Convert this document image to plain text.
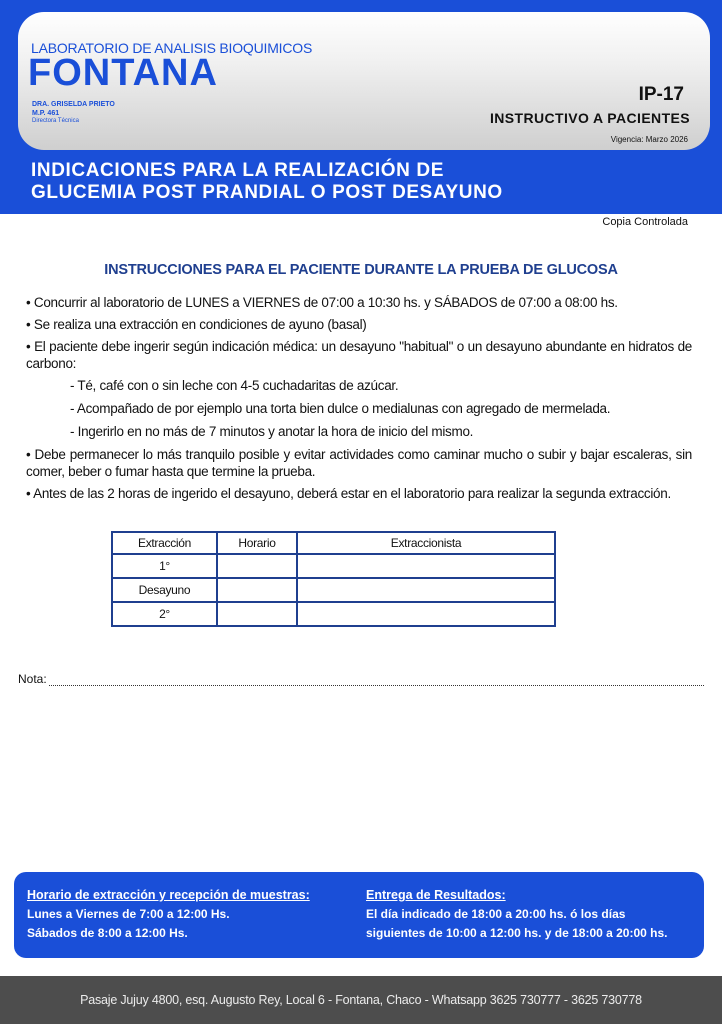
LABORATORIO DE ANALISIS BIOQUIMICOS
FONTANA
DRA. GRISELDA PRIETO
M.P. 461
Directora Técnica
IP-17
INSTRUCTIVO A PACIENTES
Vigencia: Marzo 2026
INDICACIONES PARA LA REALIZACIÓN DE
GLUCEMIA POST PRANDIAL O POST DESAYUNO
Copia Controlada
INSTRUCCIONES PARA EL PACIENTE DURANTE LA PRUEBA DE GLUCOSA

• Concurrir al laboratorio de LUNES a VIERNES de 07:00 a 10:30 hs. y SÁBADOS de 07:00 a 08:00 hs.

• Se realiza una extracción en condiciones de ayuno (basal)

• El paciente debe ingerir según indicación médica: un desayuno "habitual" o un desayuno abundante en hidratos de carbono:

- Té, café con o sin leche con 4-5 cuchadaritas de azúcar.

- Acompañado de por ejemplo una torta bien dulce o medialunas con agregado de mermelada.

- Ingerirlo en no más de 7 minutos y anotar la hora de inicio del mismo.

• Debe permanecer lo más tranquilo posible y evitar actividades como caminar mucho o subir y bajar escaleras, sin comer, beber o fumar hasta que termine la prueba.

• Antes de las 2 horas de ingerido el desayuno, deberá estar en el laboratorio para realizar la segunda extracción.

Extracción	Horario	Extraccionista
1°		
Desayuno		
2°		
Nota:
Horario de extracción y recepción de muestras:
Lunes a Viernes de 7:00 a 12:00 Hs.
Sábados de 8:00 a 12:00 Hs.
Entrega de Resultados:
El día indicado de 18:00 a 20:00 hs. ó los días
siguientes de 10:00 a 12:00 hs. y de 18:00 a 20:00 hs.
Pasaje Jujuy 4800, esq. Augusto Rey, Local 6 - Fontana, Chaco - Whatsapp 3625 730777 - 3625 730778
